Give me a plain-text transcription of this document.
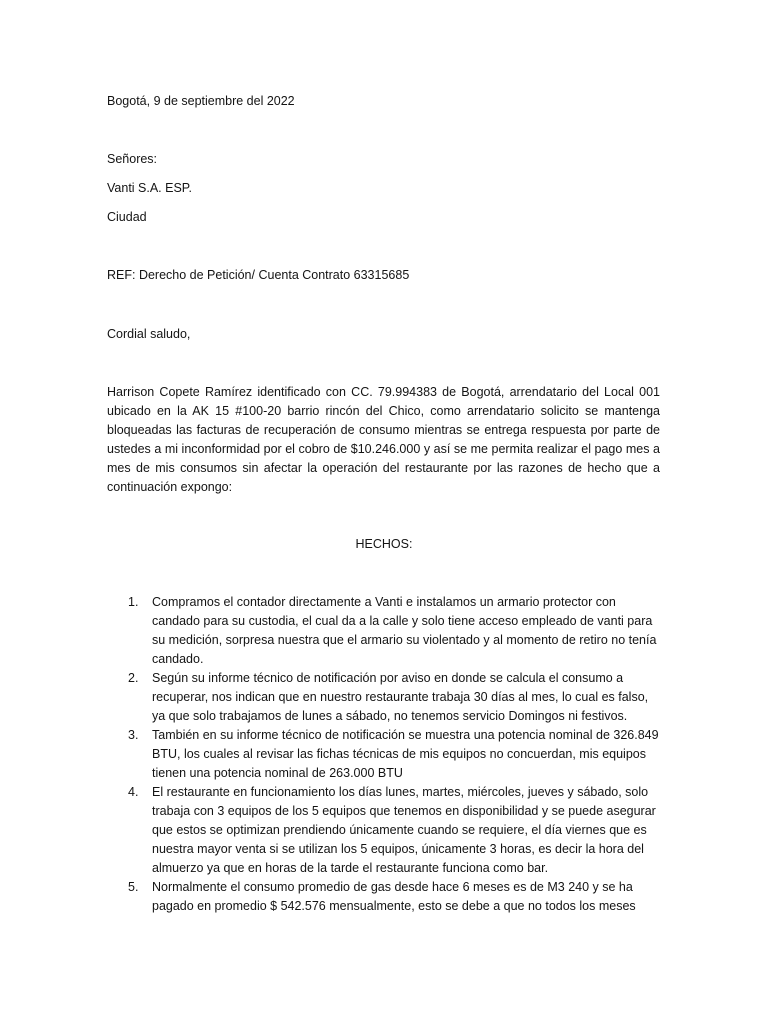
Bogotá, 9 de septiembre del 2022
Señores:
Vanti S.A. ESP.
Ciudad
REF: Derecho de Petición/ Cuenta Contrato 63315685
Cordial saludo,
Harrison Copete Ramírez identificado con CC. 79.994383 de Bogotá, arrendatario del Local 001 ubicado en la AK 15 #100-20 barrio rincón del Chico, como arrendatario solicito se mantenga bloqueadas las facturas de recuperación de consumo mientras se entrega respuesta por parte de ustedes a mi inconformidad por el cobro de $10.246.000 y así se me permita realizar el pago mes a mes de mis consumos sin afectar la operación del restaurante por las razones de hecho que a continuación expongo:
HECHOS:
1. Compramos el contador directamente a Vanti e instalamos un armario protector con candado para su custodia, el cual da a la calle y solo tiene acceso empleado de vanti para su medición, sorpresa nuestra que el armario su violentado y al momento de retiro no tenía candado.
2. Según su informe técnico de notificación por aviso en donde se calcula el consumo a recuperar, nos indican que en nuestro restaurante trabaja 30 días al mes, lo cual es falso, ya que solo trabajamos de lunes a sábado, no tenemos servicio Domingos ni festivos.
3. También en su informe técnico de notificación se muestra una potencia nominal de 326.849 BTU, los cuales al revisar las fichas técnicas de mis equipos no concuerdan, mis equipos tienen una potencia nominal de 263.000 BTU
4. El restaurante en funcionamiento los días lunes, martes, miércoles, jueves y sábado, solo trabaja con 3 equipos de los 5 equipos que tenemos en disponibilidad y se puede asegurar que estos se optimizan prendiendo únicamente cuando se requiere, el día viernes que es nuestra mayor venta si se utilizan los 5 equipos, únicamente 3 horas, es decir la hora del almuerzo ya que en horas de la tarde el restaurante funciona como bar.
5. Normalmente el consumo promedio de gas desde hace 6 meses es de M3 240 y se ha pagado en promedio $ 542.576 mensualmente, esto se debe a que no todos los meses
